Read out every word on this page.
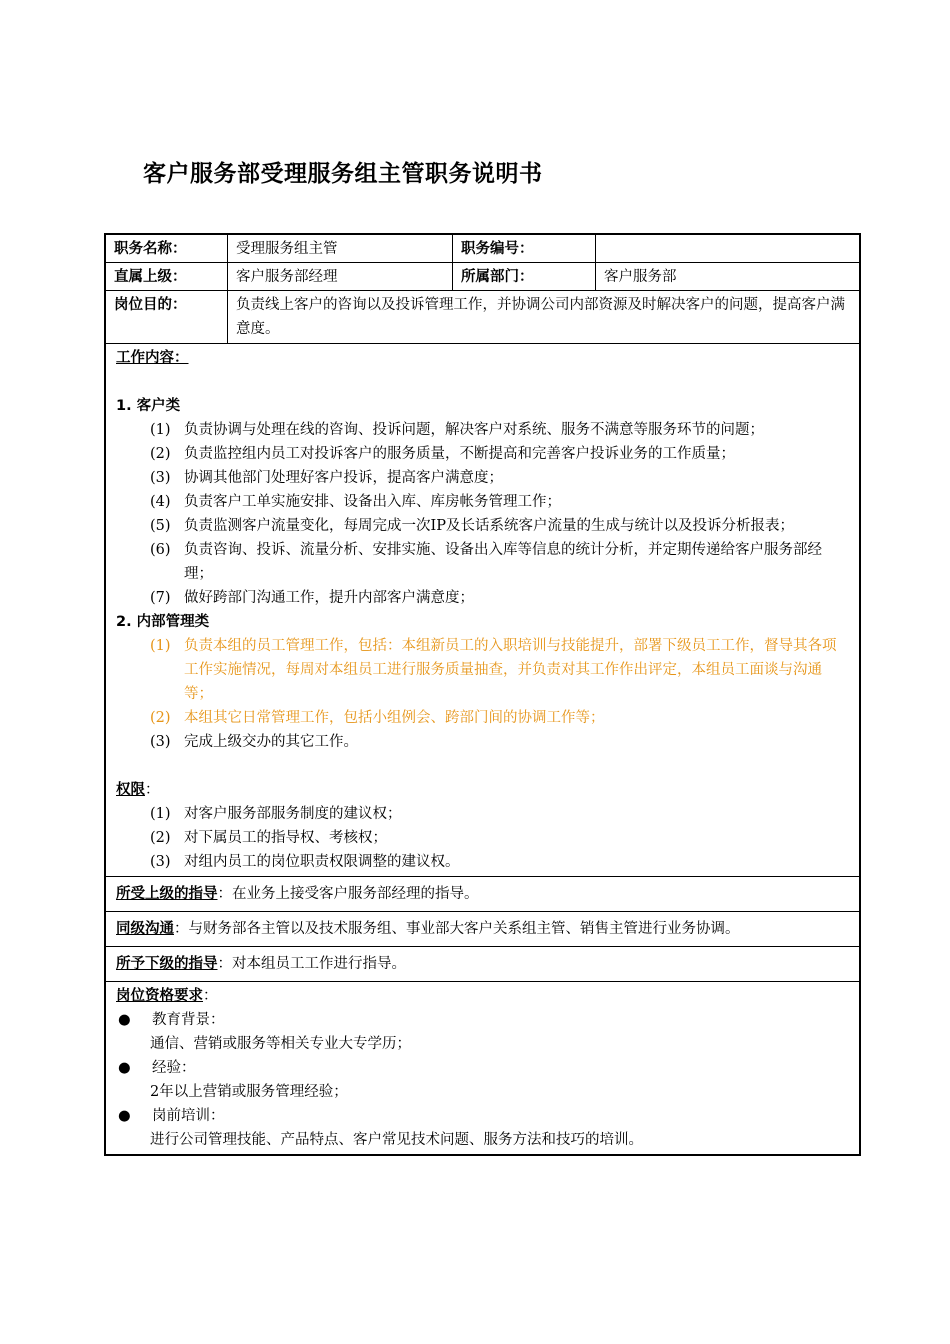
客户服务部受理服务组主管职务说明书
职务名称：	受理服务组主管	职务编号：
直属上级：	客户服务部经理	所属部门：	客户服务部
岗位目的：	负责线上客户的咨询以及投诉管理工作，并协调公司内部资源及时解决客户的问题，提高客户满意度。
工作内容：
1. 客户类
(1) 负责协调与处理在线的咨询、投诉问题，解决客户对系统、服务不满意等服务环节的问题；
(2) 负责监控组内员工对投诉客户的服务质量，不断提高和完善客户投诉业务的工作质量；
(3) 协调其他部门处理好客户投诉，提高客户满意度；
(4) 负责客户工单实施安排、设备出入库、库房帐务管理工作；
(5) 负责监测客户流量变化，每周完成一次IP及长话系统客户流量的生成与统计以及投诉分析报表；
(6) 负责咨询、投诉、流量分析、安排实施、设备出入库等信息的统计分析，并定期传递给客户服务部经理；
(7) 做好跨部门沟通工作，提升内部客户满意度；
2. 内部管理类
(1) 负责本组的员工管理工作，包括：本组新员工的入职培训与技能提升，部署下级员工工作，督导其各项工作实施情况，每周对本组员工进行服务质量抽查，并负责对其工作作出评定，本组员工面谈与沟通等；
(2) 本组其它日常管理工作，包括小组例会、跨部门间的协调工作等；
(3) 完成上级交办的其它工作。
权限：
(1) 对客户服务部服务制度的建议权；
(2) 对下属员工的指导权、考核权；
(3) 对组内员工的岗位职责权限调整的建议权。
所受上级的指导：在业务上接受客户服务部经理的指导。
同级沟通：与财务部各主管以及技术服务组、事业部大客户关系组主管、销售主管进行业务协调。
所予下级的指导：对本组员工工作进行指导。
岗位资格要求：
●	教育背景：
通信、营销或服务等相关专业大专学历；
●	经验：
2年以上营销或服务管理经验；
●	岗前培训：
进行公司管理技能、产品特点、客户常见技术问题、服务方法和技巧的培训。
